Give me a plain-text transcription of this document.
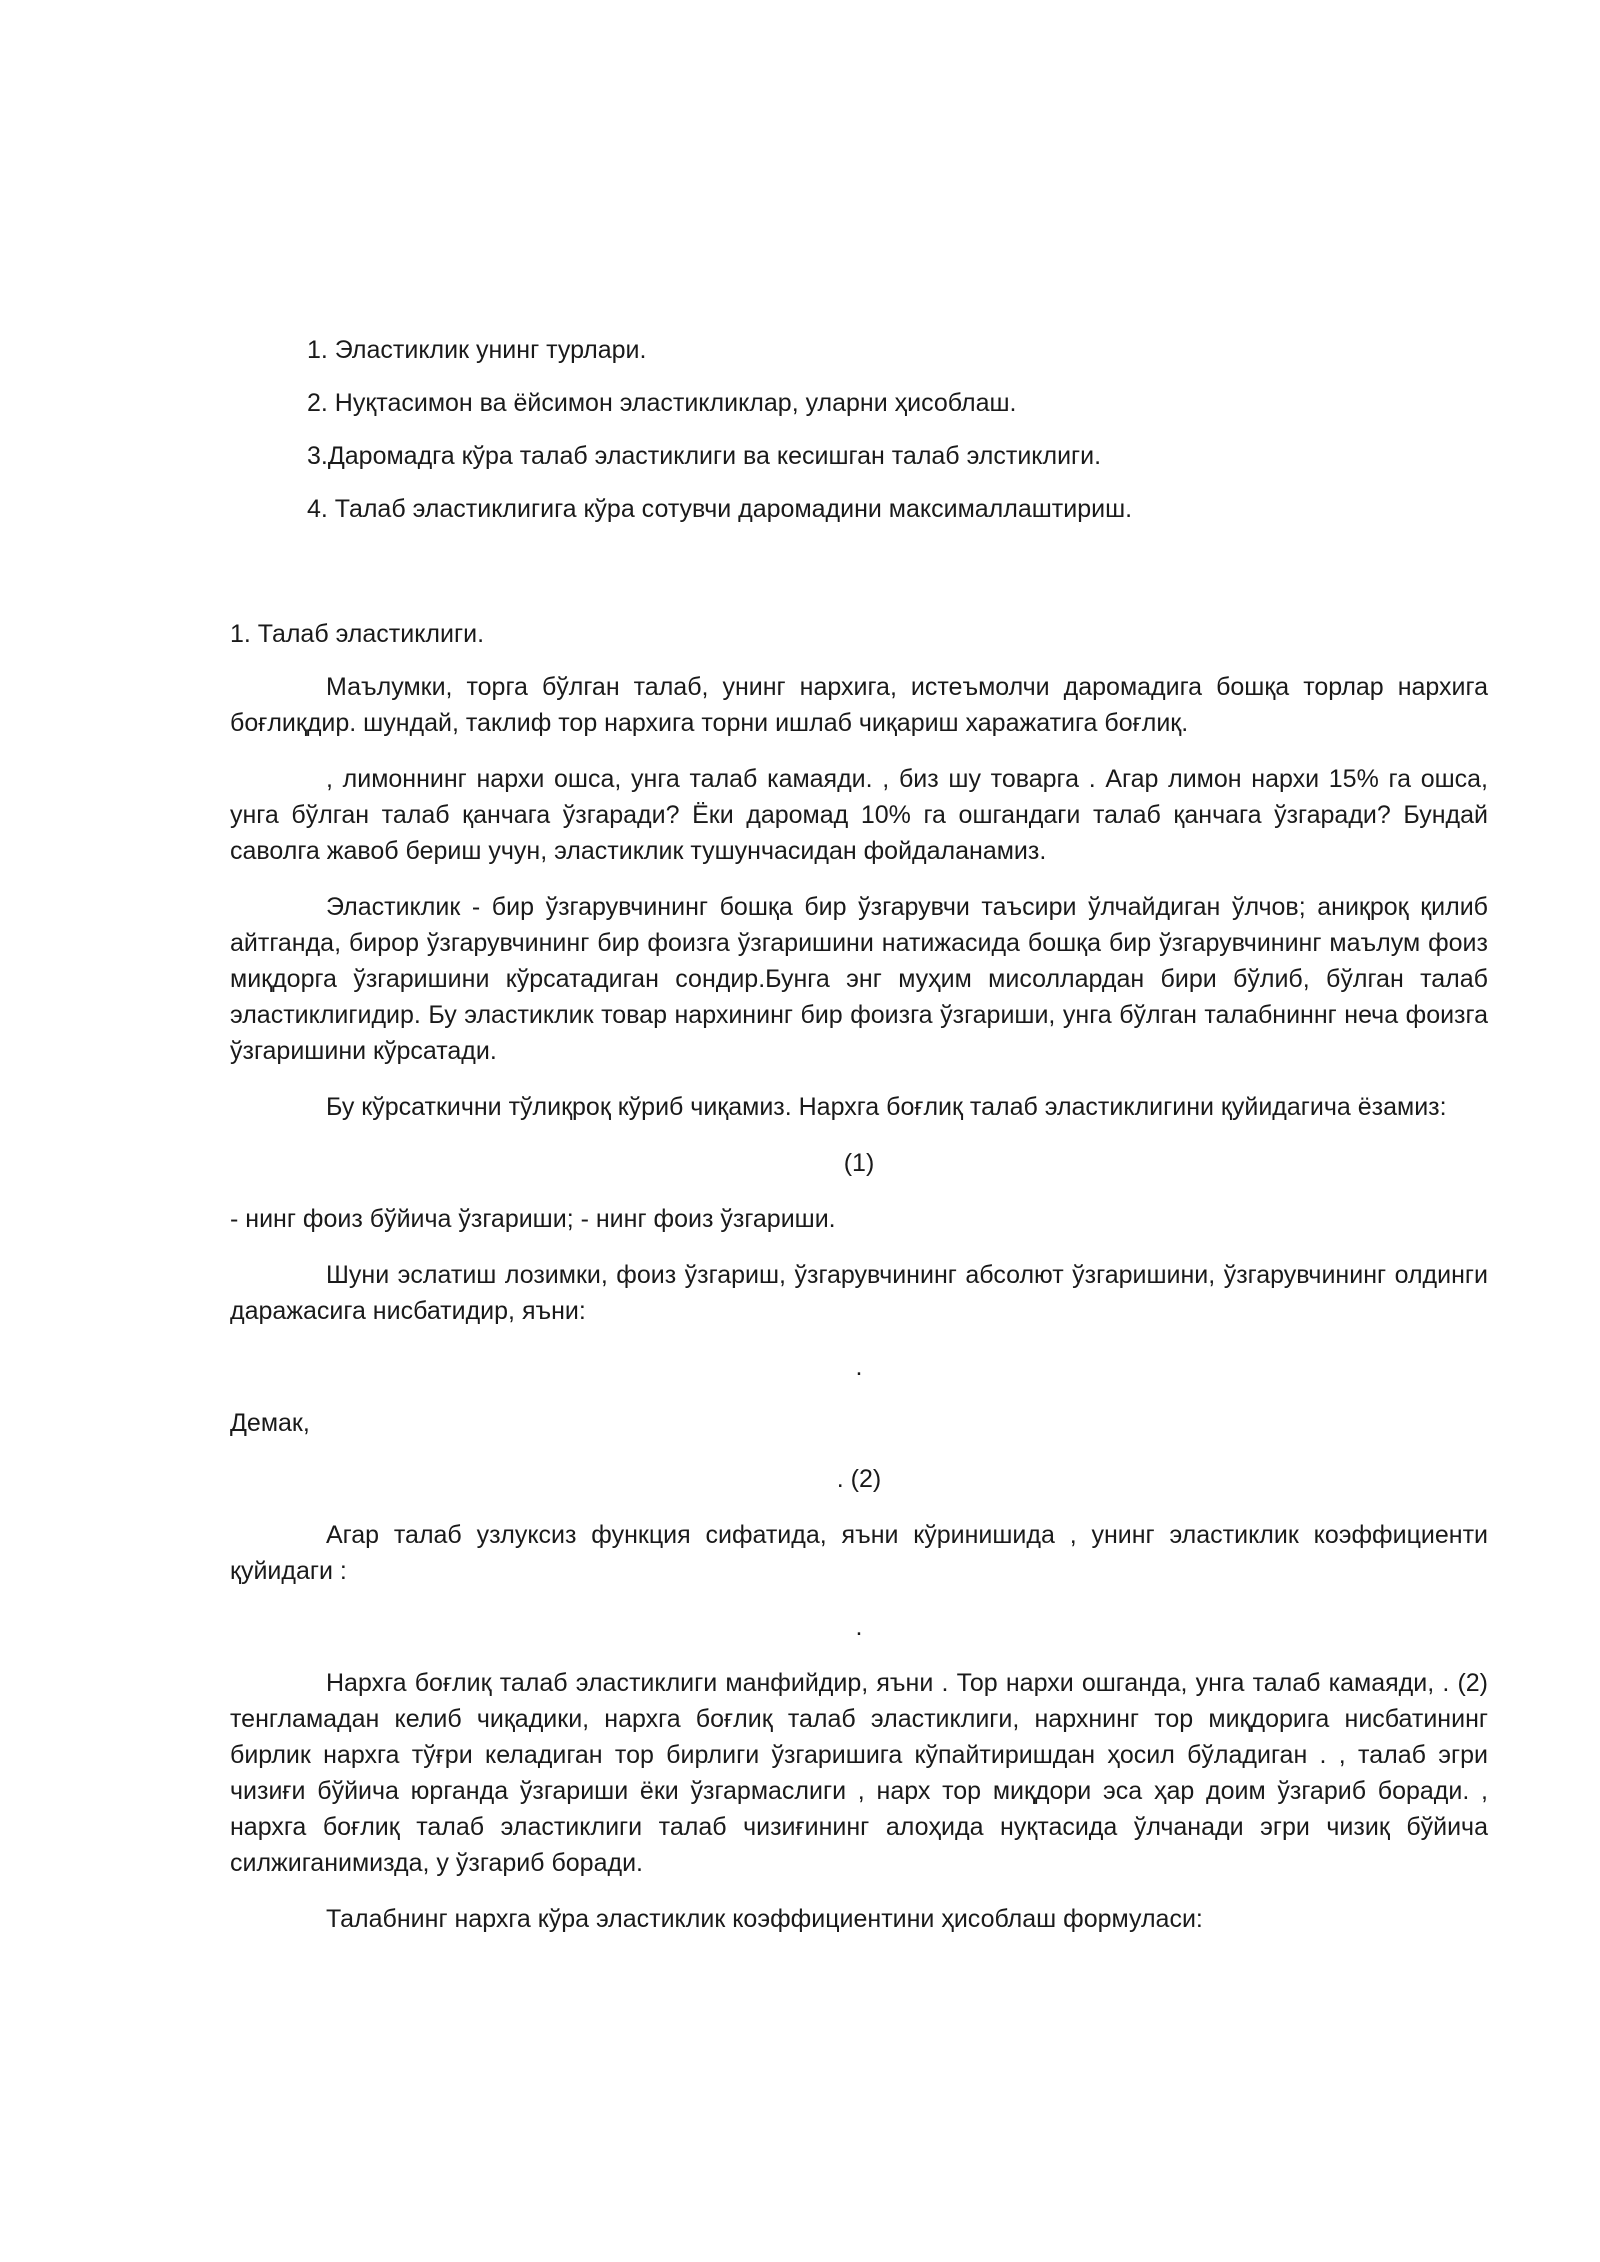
1. Эластиклик унинг турлари.

2. Нуқтасимон ва ёйсимон эластикликлар, уларни ҳисоблаш.

3.Даромадга кўра талаб эластиклиги ва кесишган талаб элстиклиги.

4. Талаб эластиклигига кўра сотувчи даромадини максималлаштириш.

1. Талаб эластиклиги.

Маълумки, торга бўлган талаб, унинг нархига, истеъмолчи даромадига бошқа торлар нархига боғлиқдир. шундай, таклиф тор нархига торни ишлаб чиқариш харажатига боғлиқ.

, лимоннинг нархи ошса, унга талаб камаяди. , биз шу товарга . Агар лимон нархи 15% га ошса, унга бўлган талаб қанчага ўзгаради? Ёки даромад 10% га ошгандаги талаб қанчага ўзгаради? Бундай саволга жавоб бериш учун, эластиклик тушунчасидан фойдаланамиз.

Эластиклик - бир ўзгарувчининг бошқа бир ўзгарувчи таъсири ўлчайдиган ўлчов; аниқроқ қилиб айтганда, бирор ўзгарувчининг бир фоизга ўзгаришини натижасида бошқа бир ўзгарувчининг маълум фоиз миқдорга ўзгаришини кўрсатадиган сондир.Бунга энг муҳим мисоллардан бири бўлиб, бўлган талаб эластиклигидир. Бу эластиклик товар нархининг бир фоизга ўзгариши, унга бўлган талабниннг неча фоизга ўзгаришини кўрсатади.

Бу кўрсаткични тўлиқроқ кўриб чиқамиз. Нархга боғлиқ талаб эластиклигини қуйидагича ёзамиз:

(1)

- нинг фоиз бўйича ўзгариши; - нинг фоиз ўзгариши.

Шуни эслатиш лозимки, фоиз ўзгариш, ўзгарувчининг абсолют ўзгаришини, ўзгарувчининг олдинги даражасига нисбатидир, яъни:

.

Демак,

. (2)

Агар талаб узлуксиз функция сифатида, яъни кўринишида , унинг эластиклик коэффициенти қуйидаги :

.

Нархга боғлиқ талаб эластиклиги манфийдир, яъни . Тор нархи ошганда, унга талаб камаяди, . (2) тенгламадан келиб чиқадики, нархга боғлиқ талаб эластиклиги, нархнинг тор миқдорига нисбатининг бирлик нархга тўғри келадиган тор бирлиги ўзгаришига кўпайтиришдан ҳосил бўладиган . , талаб эгри чизиғи бўйича юрганда ўзгариши ёки ўзгармаслиги , нарх тор миқдори эса ҳар доим ўзгариб боради. , нархга боғлиқ талаб эластиклиги талаб чизиғининг алоҳида нуқтасида ўлчанади эгри чизиқ бўйича силжиганимизда, у ўзгариб боради.

Талабнинг нархга кўра эластиклик коэффициентини ҳисоблаш формуласи:
